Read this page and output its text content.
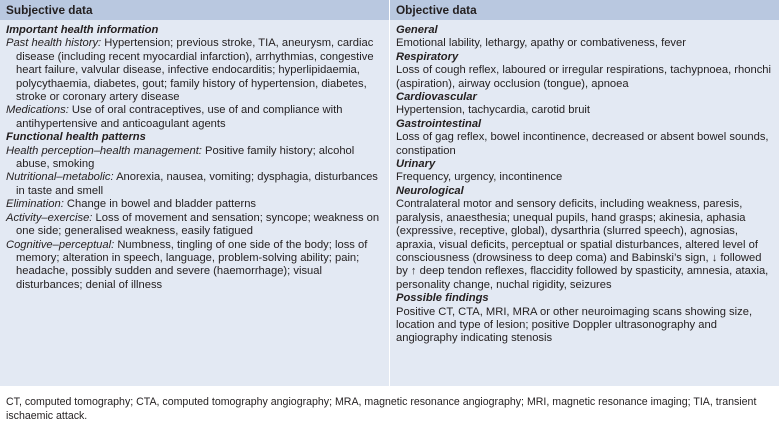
Subjective data	Objective data

Important health information

Past health history: Hypertension; previous stroke, TIA, aneurysm, cardiac disease (including recent myocardial infarction), arrhythmias, congestive heart failure, valvular disease, infective endocarditis; hyperlipidaemia, polycythaemia, diabetes, gout; family history of hypertension, diabetes, stroke or coronary artery disease

Medications: Use of oral contraceptives, use of and compliance with antihypertensive and anticoagulant agents

Functional health patterns

Health perception–health management: Positive family history; alcohol abuse, smoking

Nutritional–metabolic: Anorexia, nausea, vomiting; dysphagia, disturbances in taste and smell

Elimination: Change in bowel and bladder patterns

Activity–exercise: Loss of movement and sensation; syncope; weakness on one side; generalised weakness, easily fatigued

Cognitive–perceptual: Numbness, tingling of one side of the body; loss of memory; alteration in speech, language, problem-solving ability; pain; headache, possibly sudden and severe (haemorrhage); visual disturbances; denial of illness

General

Emotional lability, lethargy, apathy or combativeness, fever

Respiratory

Loss of cough reflex, laboured or irregular respirations, tachypnoea, rhonchi (aspiration), airway occlusion (tongue), apnoea

Cardiovascular

Hypertension, tachycardia, carotid bruit

Gastrointestinal

Loss of gag reflex, bowel incontinence, decreased or absent bowel sounds, constipation

Urinary

Frequency, urgency, incontinence

Neurological

Contralateral motor and sensory deficits, including weakness, paresis, paralysis, anaesthesia; unequal pupils, hand grasps; akinesia, aphasia (expressive, receptive, global), dysarthria (slurred speech), agnosias, apraxia, visual deficits, perceptual or spatial disturbances, altered level of consciousness (drowsiness to deep coma) and Babinski’s sign, ↓ followed by ↑ deep tendon reflexes, flaccidity followed by spasticity, amnesia, ataxia, personality change, nuchal rigidity, seizures

Possible findings

Positive CT, CTA, MRI, MRA or other neuroimaging scans showing size, location and type of lesion; positive Doppler ultrasonography and angiography indicating stenosis

CT, computed tomography; CTA, computed tomography angiography; MRA, magnetic resonance angiography; MRI, magnetic resonance imaging; TIA, transient ischaemic attack.
